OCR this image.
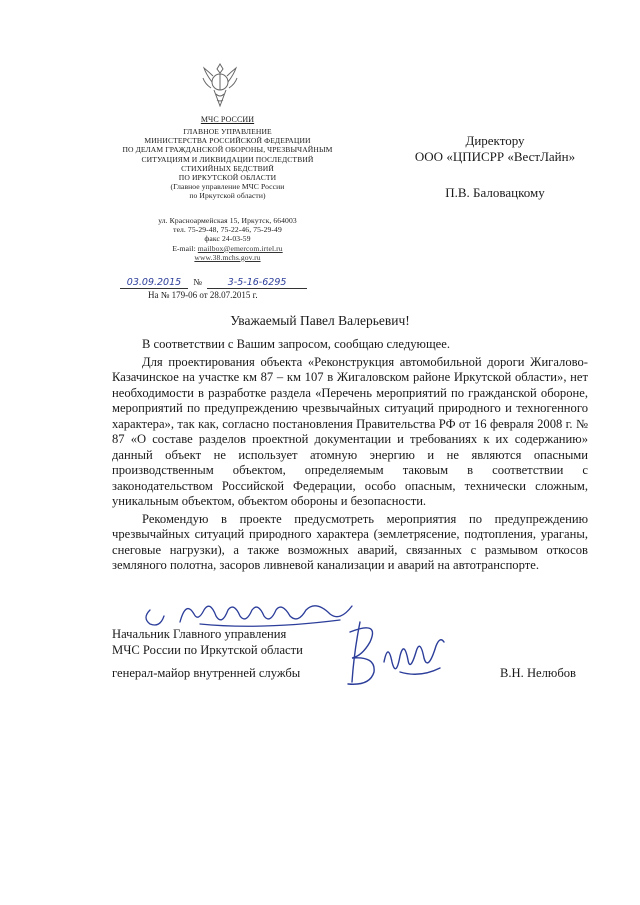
МЧС РОССИИ
ГЛАВНОЕ УПРАВЛЕНИЕ
МИНИСТЕРСТВА РОССИЙСКОЙ ФЕДЕРАЦИИ
ПО ДЕЛАМ ГРАЖДАНСКОЙ ОБОРОНЫ, ЧРЕЗВЫЧАЙНЫМ
СИТУАЦИЯМ И ЛИКВИДАЦИИ ПОСЛЕДСТВИЙ
СТИХИЙНЫХ БЕДСТВИЙ
ПО ИРКУТСКОЙ ОБЛАСТИ
(Главное управление МЧС России
по Иркутской области)
ул. Красноармейская 15, Иркутск, 664003
тел. 75-29-48, 75-22-46, 75-29-49
факс 24-03-59
E-mail: mailbox@emercom.irtel.ru
www.38.mchs.gov.ru
03.09.2015 №	3-5-16-6295
На № 179-06 от 28.07.2015 г.
Директору
ООО «ЦПИСРР «ВестЛайн»
П.В. Баловацкому
Уважаемый Павел Валерьевич!

В соответствии с Вашим запросом, сообщаю следующее.

Для проектирования объекта «Реконструкция автомобильной дороги Жигалово-Казачинское на участке км 87 – км 107 в Жигаловском районе Иркутской области», нет необходимости в разработке раздела «Перечень мероприятий по гражданской обороне, мероприятий по предупреждению чрезвычайных ситуаций природного и техногенного характера», так как, согласно постановления Правительства РФ от 16 февраля 2008 г. № 87 «О составе разделов проектной документации и требованиях к их содержанию» данный объект не использует атомную энергию и не являются опасными производственным объектом, определяемым таковым в соответствии с законодательством Российской Федерации, особо опасным, технически сложным, уникальным объектом, объектом обороны и безопасности.

Рекомендую в проекте предусмотреть мероприятия по предупреждению чрезвычайных ситуаций природного характера (землетрясение, подтопления, ураганы, снеговые нагрузки), а также возможных аварий, связанных с размывом откосов земляного полотна, засоров ливневой канализации и аварий на автотранспорте.

Начальник Главного управления
МЧС России по Иркутской области
генерал-майор внутренней службы	В.Н. Нелюбов
